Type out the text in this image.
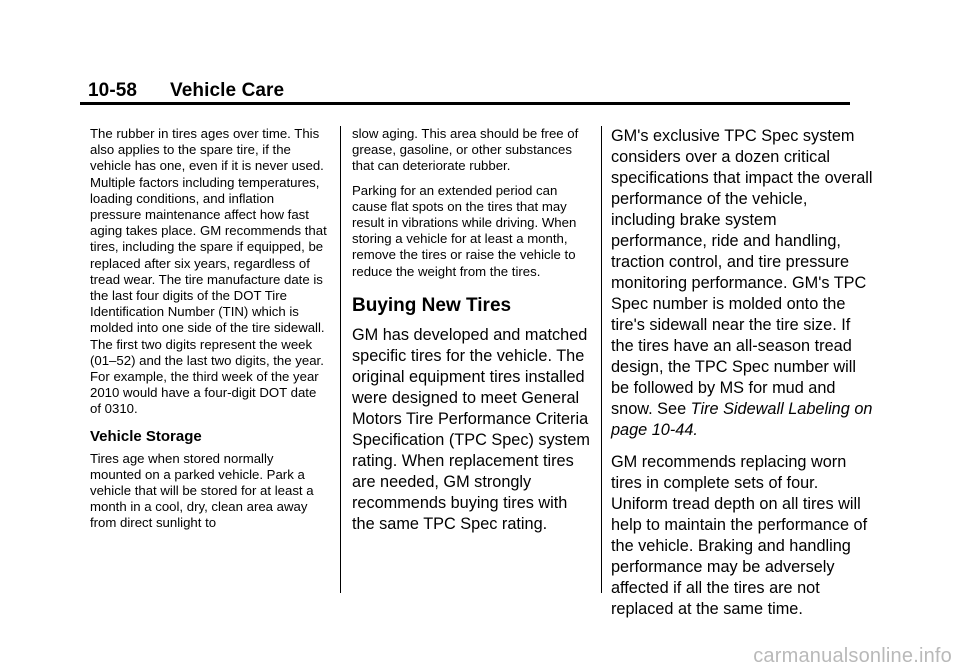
10-58 Vehicle Care

The rubber in tires ages over time. This also applies to the spare tire, if the vehicle has one, even if it is never used. Multiple factors including temperatures, loading conditions, and inflation pressure maintenance affect how fast aging takes place. GM recommends that tires, including the spare if equipped, be replaced after six years, regardless of tread wear. The tire manufacture date is the last four digits of the DOT Tire Identification Number (TIN) which is molded into one side of the tire sidewall. The first two digits represent the week (01–52) and the last two digits, the year. For example, the third week of the year 2010 would have a four-digit DOT date of 0310.

Vehicle Storage

Tires age when stored normally mounted on a parked vehicle. Park a vehicle that will be stored for at least a month in a cool, dry, clean area away from direct sunlight to

slow aging. This area should be free of grease, gasoline, or other substances that can deteriorate rubber.

Parking for an extended period can cause flat spots on the tires that may result in vibrations while driving. When storing a vehicle for at least a month, remove the tires or raise the vehicle to reduce the weight from the tires.

Buying New Tires

GM has developed and matched specific tires for the vehicle. The original equipment tires installed were designed to meet General Motors Tire Performance Criteria Specification (TPC Spec) system rating. When replacement tires are needed, GM strongly recommends buying tires with the same TPC Spec rating.

GM's exclusive TPC Spec system considers over a dozen critical specifications that impact the overall performance of the vehicle, including brake system performance, ride and handling, traction control, and tire pressure monitoring performance. GM's TPC Spec number is molded onto the tire's sidewall near the tire size. If the tires have an all-season tread design, the TPC Spec number will be followed by MS for mud and snow. See Tire Sidewall Labeling on page 10-44.

GM recommends replacing worn tires in complete sets of four. Uniform tread depth on all tires will help to maintain the performance of the vehicle. Braking and handling performance may be adversely affected if all the tires are not replaced at the same time.

carmanualsonline.info
